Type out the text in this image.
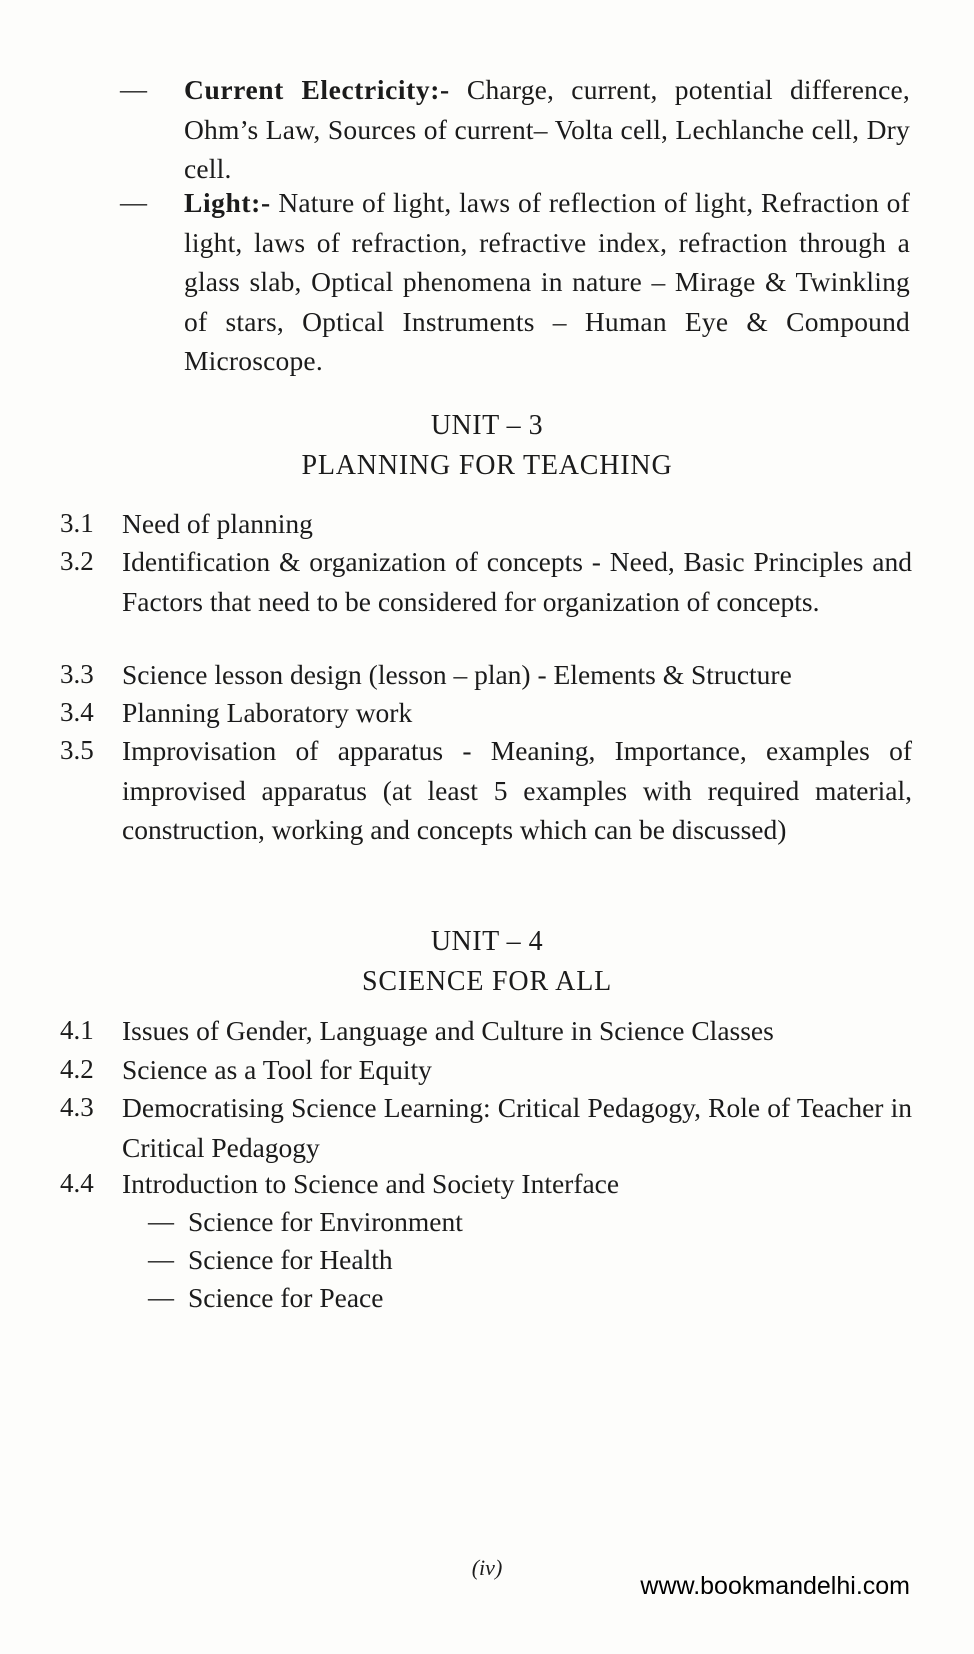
— Current Electricity:- Charge, current, potential difference, Ohm’s Law, Sources of current– Volta cell, Lechlanche cell, Dry cell.
— Light:- Nature of light, laws of reflection of light, Refraction of light, laws of refraction, refractive index, refraction through a glass slab, Optical phenomena in nature – Mirage & Twinkling of stars, Optical Instruments – Human Eye & Compound Microscope.
UNIT – 3
PLANNING FOR TEACHING
3.1 Need of planning
3.2 Identification & organization of concepts - Need, Basic Principles and Factors that need to be considered for organization of concepts.
3.3 Science lesson design (lesson – plan) - Elements & Structure
3.4 Planning Laboratory work
3.5 Improvisation of apparatus - Meaning, Importance, examples of improvised apparatus (at least 5 examples with required material, construction, working and concepts which can be discussed)
UNIT – 4
SCIENCE FOR ALL
4.1 Issues of Gender, Language and Culture in Science Classes
4.2 Science as a Tool for Equity
4.3 Democratising Science Learning: Critical Pedagogy, Role of Teacher in Critical Pedagogy
4.4 Introduction to Science and Society Interface
— Science for Environment
— Science for Health
— Science for Peace
(iv)
www.bookmandelhi.com
